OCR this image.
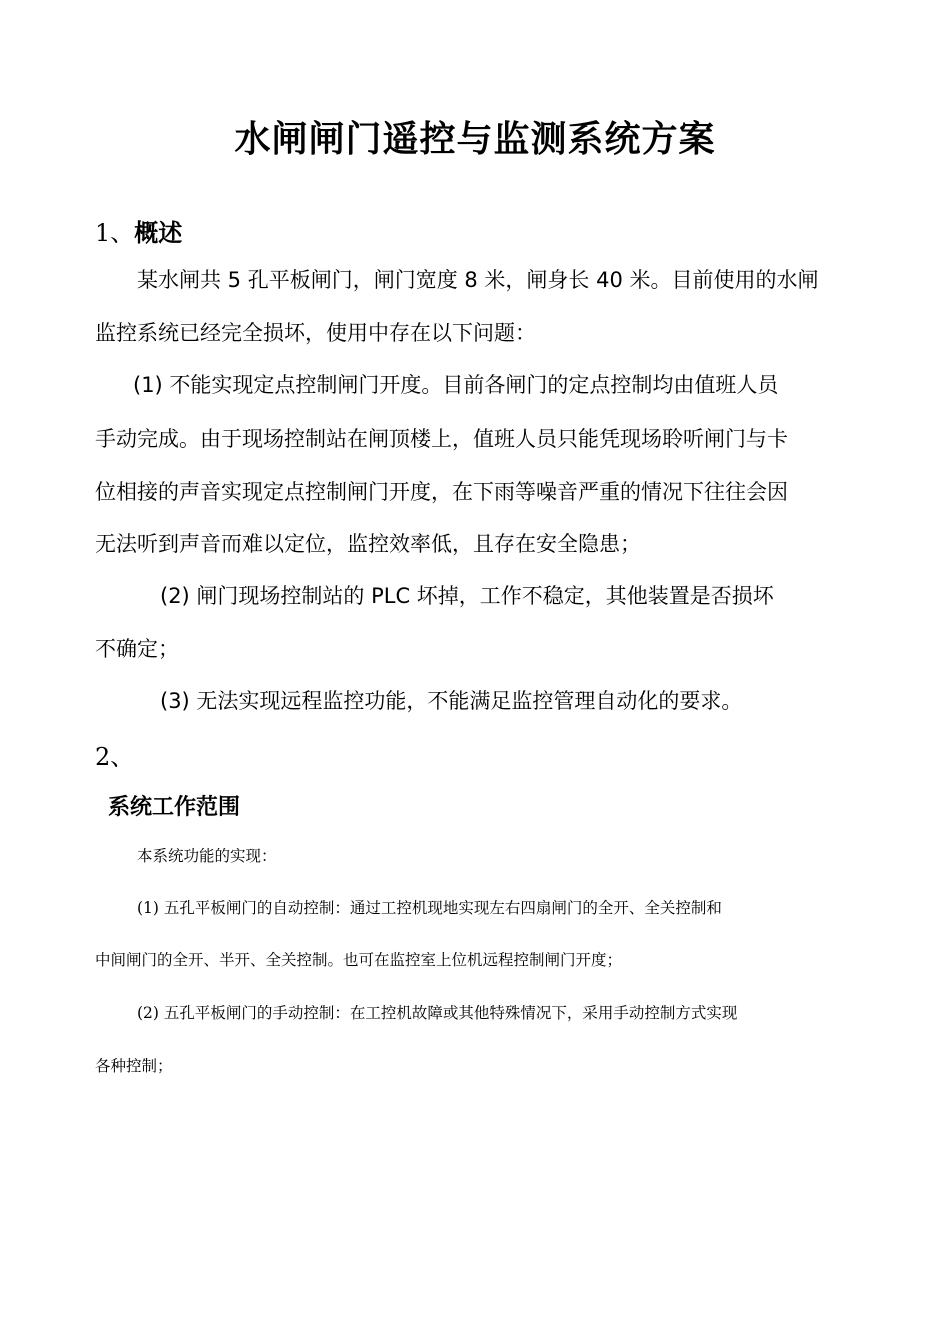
水闸闸门遥控与监测系统方案
1、概述
某水闸共 5 孔平板闸门，闸门宽度 8 米，闸身长 40 米。目前使用的水闸
监控系统已经完全损坏，使用中存在以下问题：
(1) 不能实现定点控制闸门开度。目前各闸门的定点控制均由值班人员
手动完成。由于现场控制站在闸顶楼上，值班人员只能凭现场聆听闸门与卡
位相接的声音实现定点控制闸门开度，在下雨等噪音严重的情况下往往会因
无法听到声音而难以定位，监控效率低，且存在安全隐患；
(2) 闸门现场控制站的 PLC 坏掉，工作不稳定，其他装置是否损坏
不确定；
(3) 无法实现远程监控功能，不能满足监控管理自动化的要求。
2、
系统工作范围
本系统功能的实现：
(1) 五孔平板闸门的自动控制：通过工控机现地实现左右四扇闸门的全开、全关控制和
中间闸门的全开、半开、全关控制。也可在监控室上位机远程控制闸门开度；
(2) 五孔平板闸门的手动控制：在工控机故障或其他特殊情况下，采用手动控制方式实现
各种控制；
